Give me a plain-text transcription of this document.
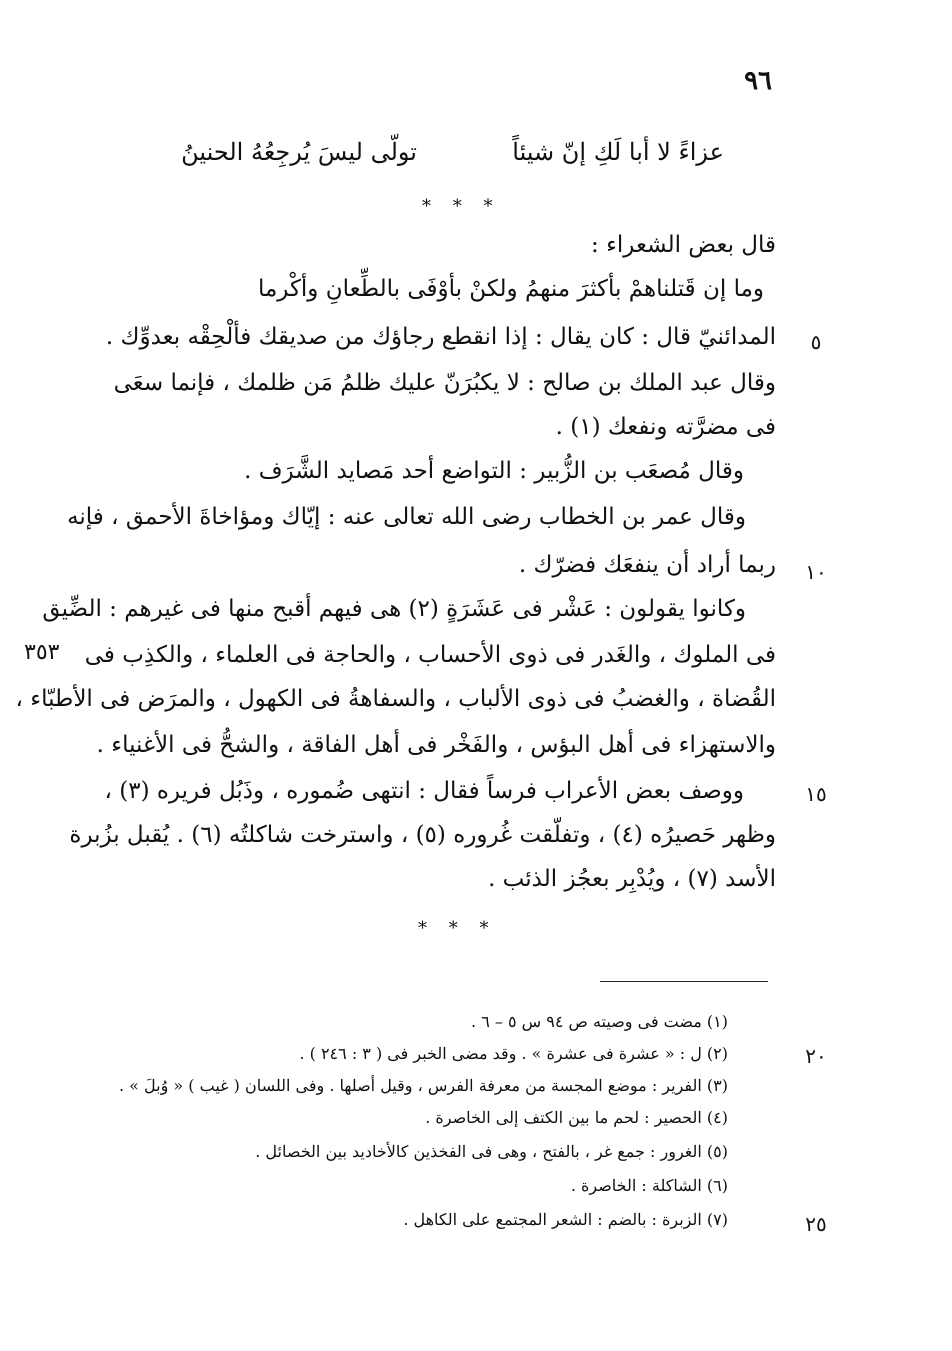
٩٦
عزاءً لا أبا لَكِ إنّ شيئاً
تولّى ليسَ يُرجِعُهُ الحنينُ
* * *
قال بعض الشعراء :
وما إن قَتلناهمْ بأكثرَ منهمُ ولكنْ بأوْفَى بالطِّعانِ وأكْرما
المدائنيّ قال : كان يقال : إذا انقطع رجاؤك من صديقك فألْحِقْه بعدوِّك .
وقال عبد الملك بن صالح : لا يكبُرَنّ عليك ظلمُ مَن ظلمك ، فإنما سعَى
فى مضرَّته ونفعك (١) .
وقال مُصعَب بن الزُّبير : التواضع أحد مَصايد الشَّرَف .
وقال عمر بن الخطاب رضى الله تعالى عنه : إيّاك ومؤاخاةَ الأحمق ، فإنه
ربما أراد أن ينفعَك فضرّك .
وكانوا يقولون : عَشْر فى عَشَرَةٍ (٢) هى فيهم أقبح منها فى غيرهم : الضِّيق
فى الملوك ، والغَدر فى ذوى الأحساب ، والحاجة فى العلماء ، والكذِب فى
القُضاة ، والغضبُ فى ذوى الألباب ، والسفاهةُ فى الكهول ، والمرَض فى الأطبّاء ،
والاستهزاء فى أهل البؤس ، والفَخْر فى أهل الفاقة ، والشحُّ فى الأغنياء .
ووصف بعض الأعراب فرساً فقال : انتهى ضُموره ، وذَبُل فريره (٣) ،
وظهر حَصيرُه (٤) ، وتفلّقت غُروره (٥) ، واسترخت شاكلتُه (٦) . يُقبل بزُبرة
الأسد (٧) ، ويُدْبِر بعجُز الذئب .
* * *
٥
١٠
١٥
٢٠
٢٥
٣٥٣
(١) مضت فى وصيته ص ٩٤ س ٥ – ٦ .
(٢) ل : « عشرة فى عشرة » . وقد مضى الخبر فى ( ٣ : ٢٤٦ ) .
(٣) الفرير : موضع المجسة من معرفة الفرس ، وقيل أصلها . وفى اللسان ( غيب ) « وُبلَ » .
(٤) الحصير : لحم ما بين الكتف إلى الخاصرة .
(٥) الغرور : جمع غر ، بالفتح ، وهى فى الفخذين كالأخاديد بين الخصائل .
(٦) الشاكلة : الخاصرة .
(٧) الزبرة : بالضم : الشعر المجتمع على الكاهل .
